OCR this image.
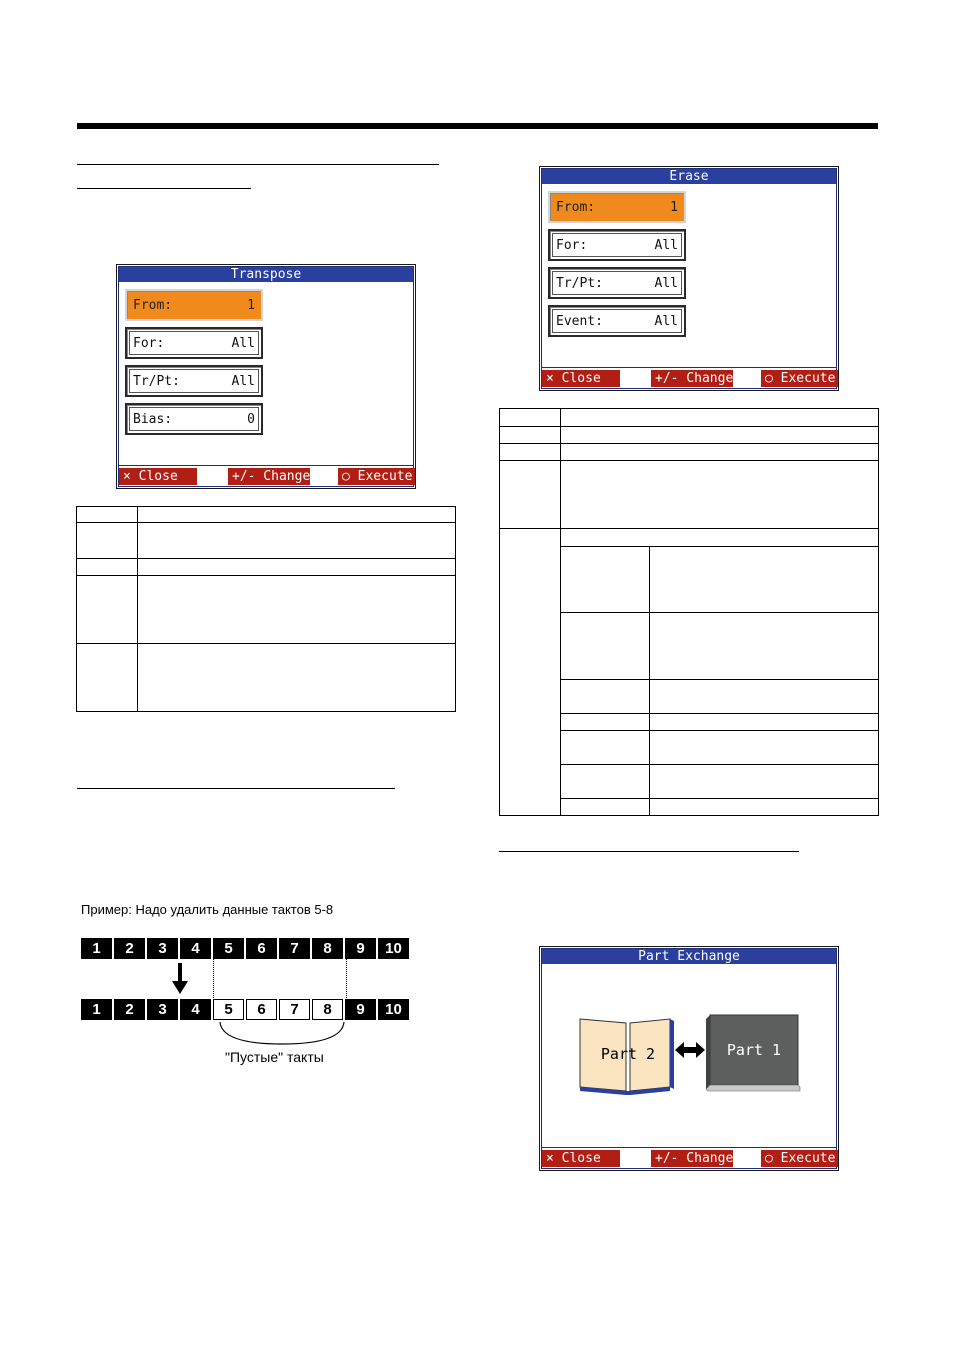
Transpose
From:	1
For:	All
Tr/Pt:	All
Bias:	0
× Close	+/- Change	○ Execute

Пример: Надо удалить данные тактов 5-8
1	2	3	4	5	6	7	8	9	10
1	2	3	4	5	6	7	8	9	10
"Пустые" такты
Erase
From:	1
For:	All
Tr/Pt:	All
Event:	All
× Close	+/- Change	○ Execute

Part Exchange
Part 2	Part 1
× Close	+/- Change	○ Execute
